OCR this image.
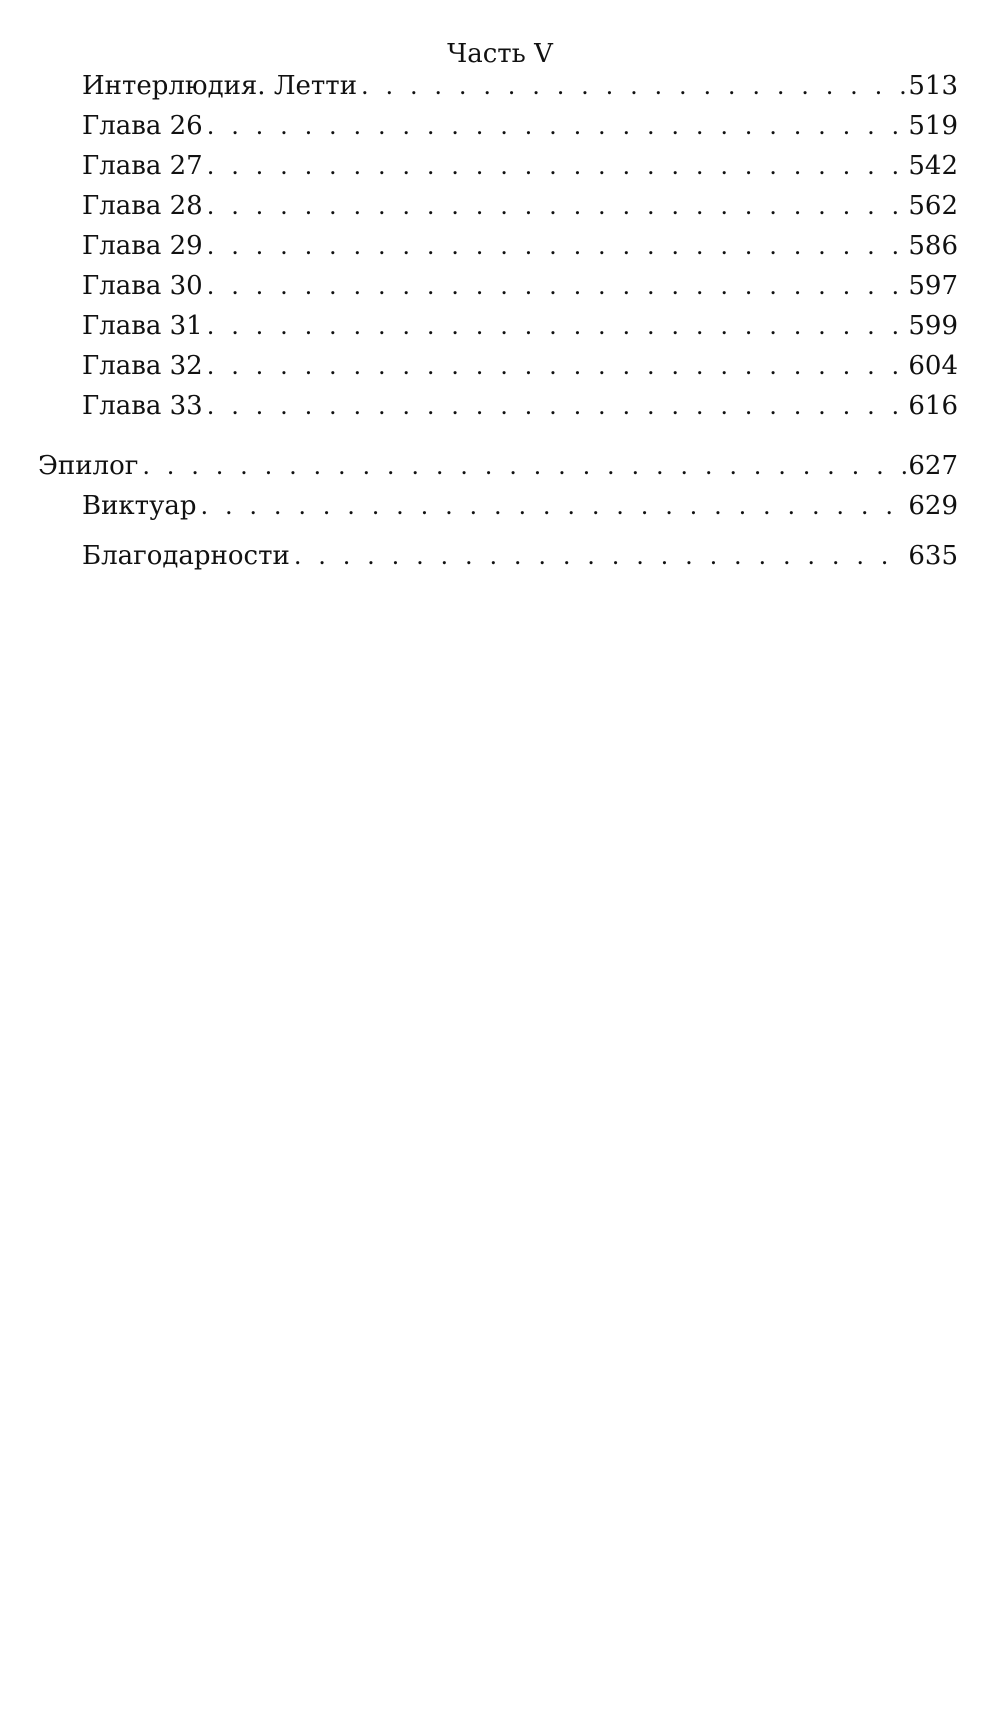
Часть V
Интерлюдия. Летти . . .	513
Глава 26 . . .	519
Глава 27 . . .	542
Глава 28 . . .	562
Глава 29 . . .	586
Глава 30 . . .	597
Глава 31 . . .	599
Глава 32 . . .	604
Глава 33 . . .	616
Эпилог . . .	627
Виктуар . . .	629
Благодарности . . .	635
